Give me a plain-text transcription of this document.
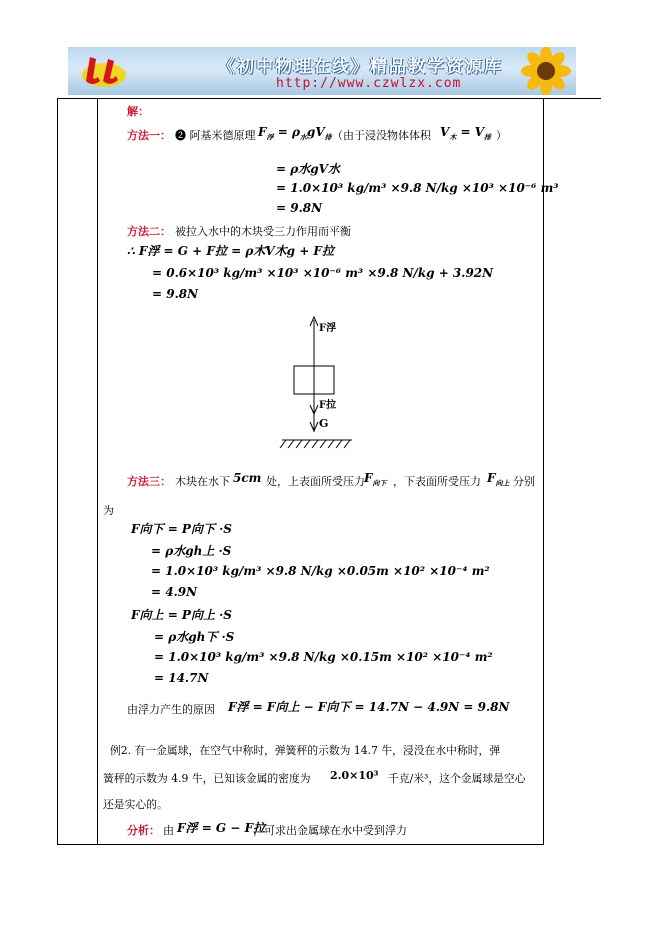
《初中物理在线》精品教学资源库
http://www.czwlzx.com
解：
方法一： ❷ 阿基米德原理 $F_浮 = \rho_水gV_排$ （由于浸没物体体积 $V_木 = V_排$ ）
= ρ水gV水
= 1.0×10³ kg/m³ ×9.8 N/kg ×10³ ×10⁻⁶ m³
= 9.8N
方法二： 被拉入水中的木块受三力作用而平衡
∴ F浮 = G + F拉 = ρ木V木g + F拉
= 0.6×10³ kg/m³ ×10³ ×10⁻⁶ m³ ×9.8 N/kg + 3.92N
= 9.8N
F浮
F拉
G
方法三： 木块在水下 5cm 处，上表面所受压力 $F_{向下}$ ，下表面所受压力 $F_{向上}$ 分别
为
F向下 = P向下 ·S
= ρ水gh上 ·S
= 1.0×10³ kg/m³ ×9.8 N/kg ×0.05m ×10² ×10⁻⁴ m²
= 4.9N
F向上 = P向上 ·S
= ρ水gh下 ·S
= 1.0×10³ kg/m³ ×9.8 N/kg ×0.15m ×10² ×10⁻⁴ m²
= 14.7N
由浮力产生的原因 F浮 = F向上 − F向下 = 14.7N − 4.9N = 9.8N
例2. 有一金属球，在空气中称时，弹簧秤的示数为 14.7 牛，浸没在水中称时，弹
簧秤的示数为 4.9 牛，已知该金属的密度为 2.0×10³ 千克/米³，这个金属球是空心
还是实心的。
分析： 由 F浮 = G − F拉
，可求出金属球在水中受到浮力
